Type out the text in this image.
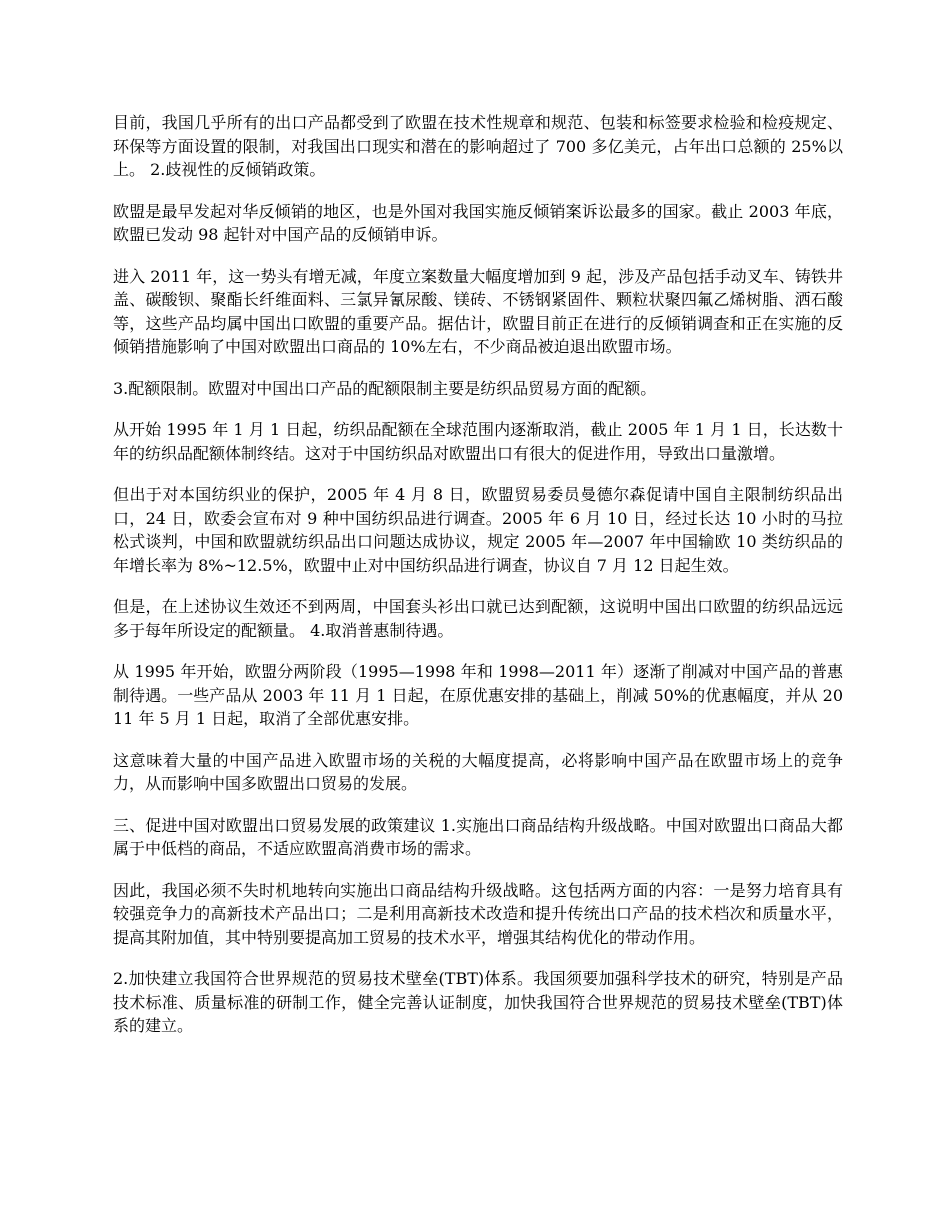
目前，我国几乎所有的出口产品都受到了欧盟在技术性规章和规范、包装和标签要求检验和检疫规定、环保等方面设置的限制，对我国出口现实和潜在的影响超过了 700 多亿美元，占年出口总额的 25%以上。 2.歧视性的反倾销政策。

欧盟是最早发起对华反倾销的地区，也是外国对我国实施反倾销案诉讼最多的国家。截止 2003 年底，欧盟已发动 98 起针对中国产品的反倾销申诉。

进入 2011 年，这一势头有增无减，年度立案数量大幅度增加到 9 起，涉及产品包括手动叉车、铸铁井盖、碳酸钡、聚酯长纤维面料、三氯异氰尿酸、镁砖、不锈钢紧固件、颗粒状聚四氟乙烯树脂、洒石酸等，这些产品均属中国出口欧盟的重要产品。据估计，欧盟目前正在进行的反倾销调查和正在实施的反倾销措施影响了中国对欧盟出口商品的 10%左右，不少商品被迫退出欧盟市场。

3.配额限制。欧盟对中国出口产品的配额限制主要是纺织品贸易方面的配额。

从开始 1995 年 1 月 1 日起，纺织品配额在全球范围内逐渐取消，截止 2005 年 1 月 1 日，长达数十年的纺织品配额体制终结。这对于中国纺织品对欧盟出口有很大的促进作用，导致出口量激增。

但出于对本国纺织业的保护，2005 年 4 月 8 日，欧盟贸易委员曼德尔森促请中国自主限制纺织品出口，24 日，欧委会宣布对 9 种中国纺织品进行调查。2005 年 6 月 10 日，经过长达 10 小时的马拉松式谈判，中国和欧盟就纺织品出口问题达成协议，规定 2005 年—2007 年中国输欧 10 类纺织品的年增长率为 8%~12.5%，欧盟中止对中国纺织品进行调查，协议自 7 月 12 日起生效。

但是，在上述协议生效还不到两周，中国套头衫出口就已达到配额，这说明中国出口欧盟的纺织品远远多于每年所设定的配额量。 4.取消普惠制待遇。

从 1995 年开始，欧盟分两阶段（1995—1998 年和 1998—2011 年）逐渐了削减对中国产品的普惠制待遇。一些产品从 2003 年 11 月 1 日起，在原优惠安排的基础上，削减 50%的优惠幅度，并从 2011 年 5 月 1 日起，取消了全部优惠安排。

这意味着大量的中国产品进入欧盟市场的关税的大幅度提高，必将影响中国产品在欧盟市场上的竞争力，从而影响中国多欧盟出口贸易的发展。

三、促进中国对欧盟出口贸易发展的政策建议 1.实施出口商品结构升级战略。中国对欧盟出口商品大都属于中低档的商品，不适应欧盟高消费市场的需求。

因此，我国必须不失时机地转向实施出口商品结构升级战略。这包括两方面的内容：一是努力培育具有较强竞争力的高新技术产品出口；二是利用高新技术改造和提升传统出口产品的技术档次和质量水平，提高其附加值，其中特别要提高加工贸易的技术水平，增强其结构优化的带动作用。

2.加快建立我国符合世界规范的贸易技术壁垒(TBT)体系。我国须要加强科学技术的研究，特别是产品技术标准、质量标准的研制工作，健全完善认证制度，加快我国符合世界规范的贸易技术壁垒(TBT)体系的建立。
